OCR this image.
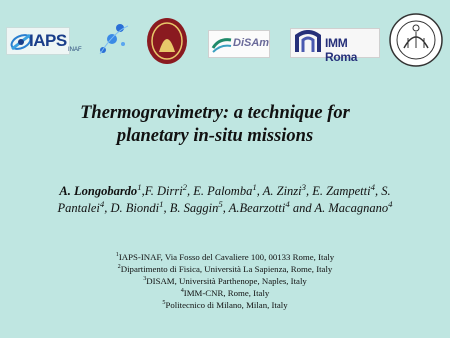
IAPS INAF
DiSAm	IMM Roma
Thermogravimetry: a technique for
planetary in-situ missions
A. Longobardo$^1$,F. Dirri$^2$, E. Palomba$^1$, A. Zinzi$^3$, E. Zampetti$^4$, S.
Pantalei$^4$, D. Biondi$^1$, B. Saggin$^5$, A.Bearzotti$^4$ and A. Macagnano$^4$
$^1$IAPS-INAF, Via Fosso del Cavaliere 100, 00133 Rome, Italy
$^2$Dipartimento di Fisica, Università La Sapienza, Rome, Italy
$^3$DISAM, Università Parthenope, Naples, Italy
$^4$IMM-CNR, Rome, Italy
$^5$Politecnico di Milano, Milan, Italy
